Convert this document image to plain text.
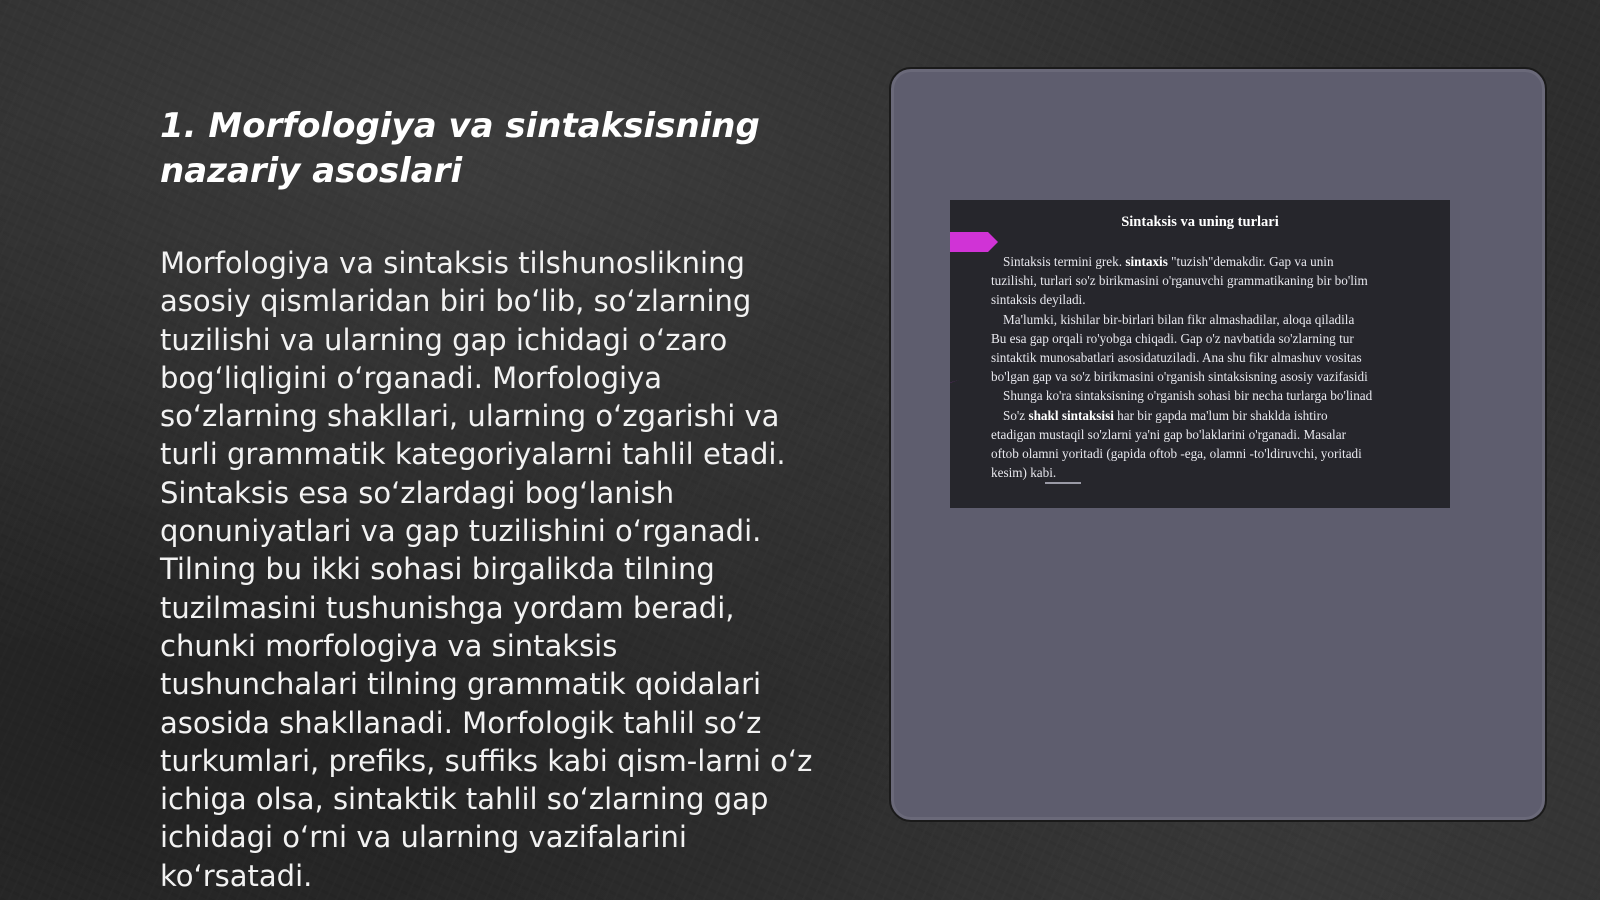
1. Morfologiya va sintaksisning
nazariy asoslari
Morfologiya va sintaksis tilshunoslikning
asosiy qismlaridan biri boʻlib, soʻzlarning
tuzilishi va ularning gap ichidagi oʻzaro
bogʻliqligini oʻrganadi. Morfologiya
soʻzlarning shakllari, ularning oʻzgarishi va
turli grammatik kategoriyalarni tahlil etadi.
Sintaksis esa soʻzlardagi bogʻlanish
qonuniyatlari va gap tuzilishini oʻrganadi.
Tilning bu ikki sohasi birgalikda tilning
tuzilmasini tushunishga yordam beradi,
chunki morfologiya va sintaksis
tushunchalari tilning grammatik qoidalari
asosida shakllanadi. Morfologik tahlil soʻz
turkumlari, prefiks, suffiks kabi qism-larni oʻz
ichiga olsa, sintaktik tahlil soʻzlarning gap
ichidagi oʻrni va ularning vazifalarini
koʻrsatadi.
Sintaksis va uning turlari

Sintaksis termini grek. sintaxis "tuzish"demakdir. Gap va unin

tuzilishi, turlari so'z birikmasini o'rganuvchi grammatikaning bir bo'lim

sintaksis deyiladi.

Ma'lumki, kishilar bir-birlari bilan fikr almashadilar, aloqa qiladila

Bu esa gap orqali ro'yobga chiqadi. Gap o'z navbatida so'zlarning tur

sintaktik munosabatlari asosidatuziladi. Ana shu fikr almashuv vositas

bo'lgan gap va so'z birikmasini o'rganish sintaksisning asosiy vazifasidi

Shunga ko'ra sintaksisning o'rganish sohasi bir necha turlarga bo'linad

So'z shakl sintaksisi har bir gapda ma'lum bir shaklda ishtiro

etadigan mustaqil so'zlarni ya'ni gap bo'laklarini o'rganadi. Masalar

oftob olamni yoritadi (gapida oftob -ega, olamni -to'ldiruvchi, yoritadi

kesim) kabi.
